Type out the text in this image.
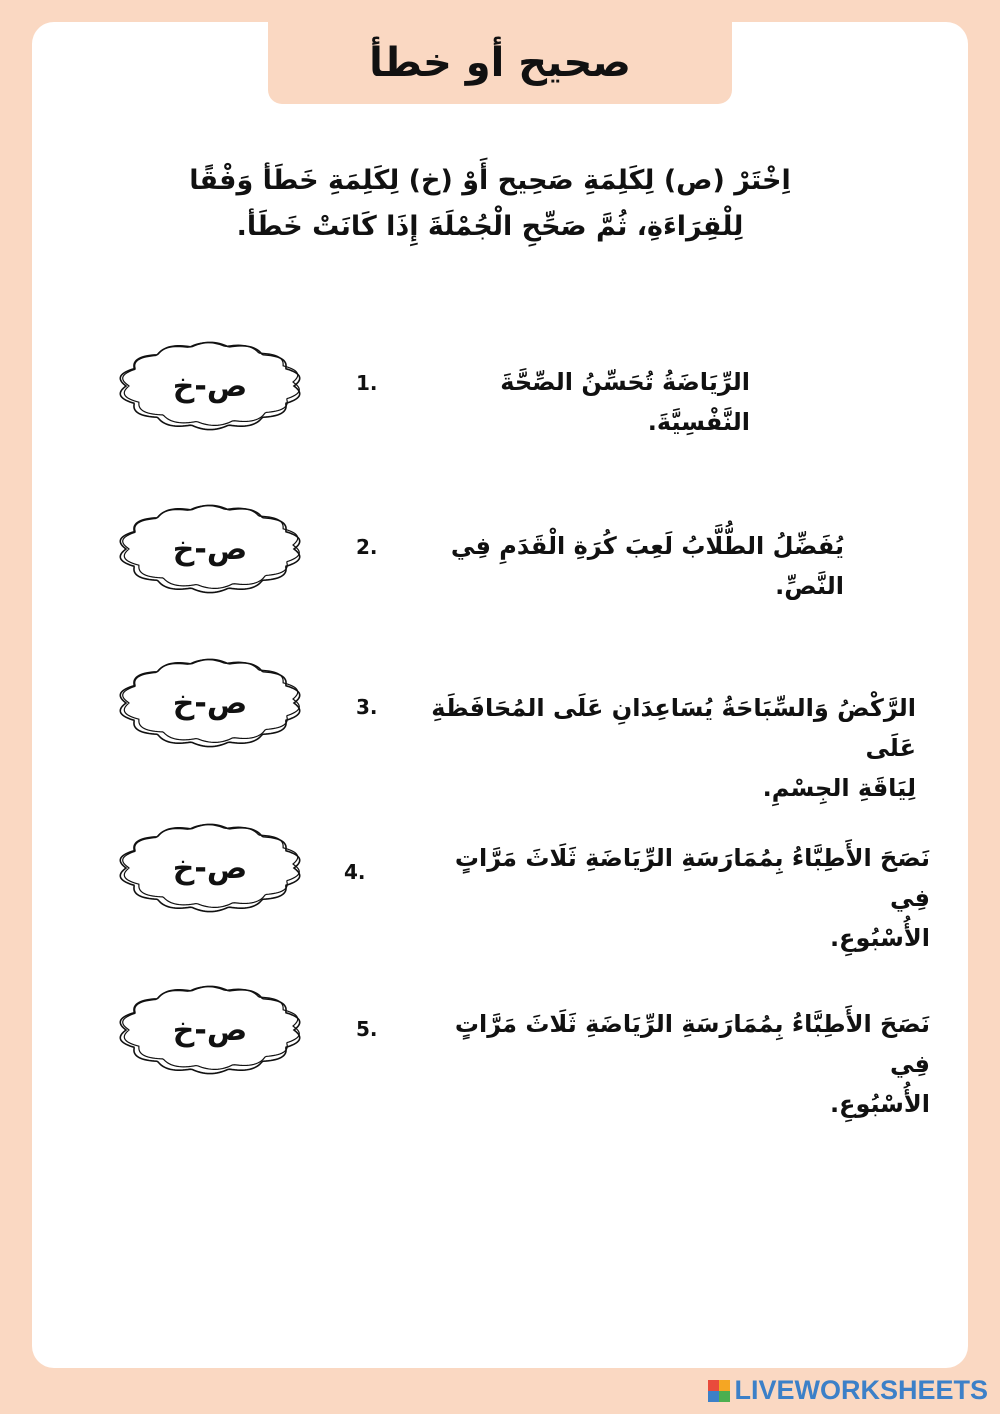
صحيح أو خطأ
اِخْتَرْ (ص) لِكَلِمَةِ صَحِيح أَوْ (خ) لِكَلِمَةِ خَطَأ وَفْقًا
لِلْقِرَاءَةِ، ثُمَّ صَحِّحِ الْجُمْلَةَ إِذَا كَانَتْ خَطَأ.
ص-خ	1.	الرِّيَاضَةُ تُحَسِّنُ الصِّحَّةَ النَّفْسِيَّةَ.
ص-خ	2.	يُفَضِّلُ الطُّلَّابُ لَعِبَ كُرَةِ الْقَدَمِ فِي النَّصِّ.
ص-خ	3.	الرَّكْضُ وَالسِّبَاحَةُ يُسَاعِدَانِ عَلَى المُحَافَظَةِ عَلَى
لِيَاقَةِ الجِسْمِ.
ص-خ	4.	نَصَحَ الأَطِبَّاءُ بِمُمَارَسَةِ الرِّيَاضَةِ ثَلَاثَ مَرَّاتٍ فِي
الأُسْبُوعِ.
ص-خ	5.	نَصَحَ الأَطِبَّاءُ بِمُمَارَسَةِ الرِّيَاضَةِ ثَلَاثَ مَرَّاتٍ فِي
الأُسْبُوعِ.
LIVEWORKSHEETS
